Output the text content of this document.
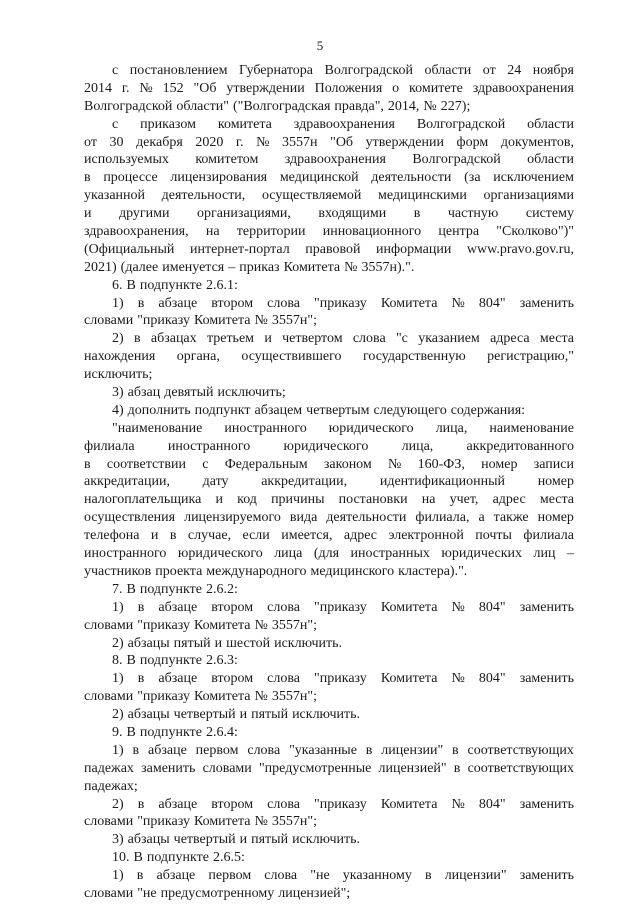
5
с постановлением Губернатора Волгоградской области от 24 ноября
2014 г. № 152 "Об утверждении Положения о комитете здравоохранения
Волгоградской области" ("Волгоградская правда", 2014, № 227);
с приказом комитета здравоохранения Волгоградской области
от 30 декабря 2020 г. № 3557н "Об утверждении форм документов,
используемых комитетом здравоохранения Волгоградской области
в процессе лицензирования медицинской деятельности (за исключением
указанной деятельности, осуществляемой медицинскими организациями
и другими организациями, входящими в частную систему
здравоохранения, на территории инновационного центра "Сколково")"
(Официальный интернет-портал правовой информации www.pravo.gov.ru,
2021) (далее именуется – приказ Комитета № 3557н).".
6. В подпункте 2.6.1:
1) в абзаце втором слова "приказу Комитета № 804" заменить
словами "приказу Комитета № 3557н";
2) в абзацах третьем и четвертом слова "с указанием адреса места
нахождения органа, осуществившего государственную регистрацию,"
исключить;
3) абзац девятый исключить;
4) дополнить подпункт абзацем четвертым следующего содержания:
"наименование иностранного юридического лица, наименование
филиала иностранного юридического лица, аккредитованного
в соответствии с Федеральным законом № 160-ФЗ, номер записи
аккредитации, дату аккредитации, идентификационный номер
налогоплательщика и код причины постановки на учет, адрес места
осуществления лицензируемого вида деятельности филиала, а также номер
телефона и в случае, если имеется, адрес электронной почты филиала
иностранного юридического лица (для иностранных юридических лиц –
участников проекта международного медицинского кластера).".
7. В подпункте 2.6.2:
1) в абзаце втором слова "приказу Комитета № 804" заменить
словами "приказу Комитета № 3557н";
2) абзацы пятый и шестой исключить.
8. В подпункте 2.6.3:
1) в абзаце втором слова "приказу Комитета № 804" заменить
словами "приказу Комитета № 3557н";
2) абзацы четвертый и пятый исключить.
9. В подпункте 2.6.4:
1) в абзаце первом слова "указанные в лицензии" в соответствующих
падежах заменить словами "предусмотренные лицензией" в соответствующих
падежах;
2) в абзаце втором слова "приказу Комитета № 804" заменить
словами "приказу Комитета № 3557н";
3) абзацы четвертый и пятый исключить.
10. В подпункте 2.6.5:
1) в абзаце первом слова "не указанному в лицензии" заменить
словами "не предусмотренному лицензией";
